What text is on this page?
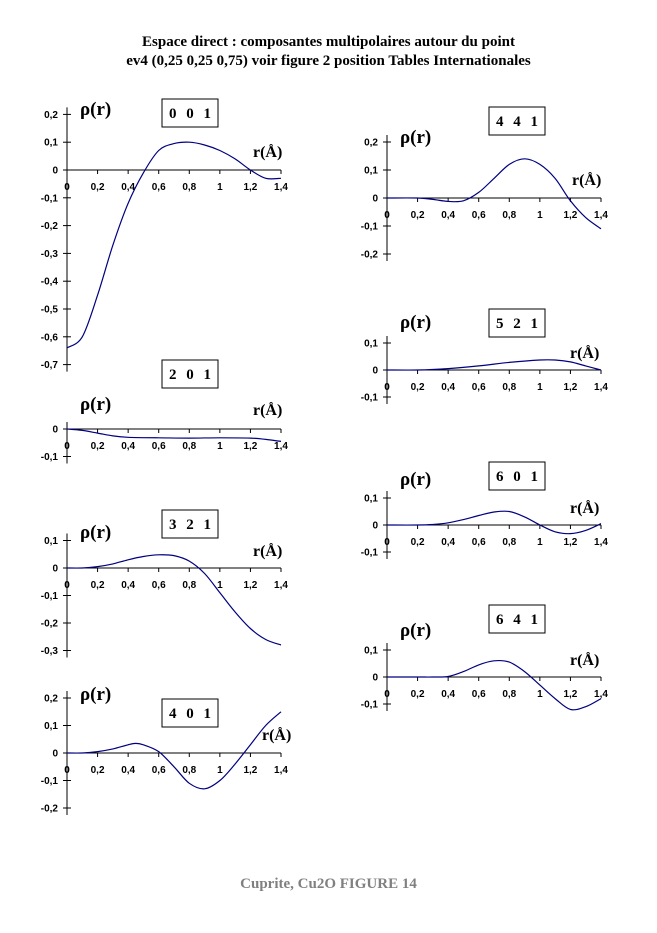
Espace direct : composantes multipolaires autour du point
ev4 (0,25 0,25 0,75) voir figure 2 position Tables Internationales
0,2
0,1
0
-0,1
-0,2
-0,3
-0,4
-0,5
-0,6
-0,7
0 0,2 0,4 0,6 0,8 1 1,2 1,4
ρ(r)
r(Å)
0 0 1
0
-0,1
0 0,2 0,4 0,6 0,8 1 1,2 1,4
ρ(r)	r(Å)
2 0 1
0,1
0
-0,1
-0,2
-0,3
0 0,2 0,4 0,6 0,8 1 1,2 1,4
ρ(r)
r(Å)
3 2 1
0,2
0,1
0
-0,1
-0,2
0 0,2 0,4 0,6 0,8 1 1,2 1,4
ρ(r)
r(Å)
4 0 1
0,2
0,1
0
-0,1
-0,2
0 0,2 0,4 0,6 0,8 1 1,2 1,4
ρ(r)
r(Å)
4 4 1
0,1
0
-0,1
0 0,2 0,4 0,6 0,8 1 1,2 1,4
ρ(r)
r(Å)
5 2 1
0,1
0
-0,1
0 0,2 0,4 0,6 0,8 1 1,2 1,4
ρ(r)
r(Å)
6 0 1
0,1
0
-0,1
0 0,2 0,4 0,6 0,8 1 1,2 1,4
ρ(r)
r(Å)
6 4 1
Cuprite, Cu2O FIGURE 14
